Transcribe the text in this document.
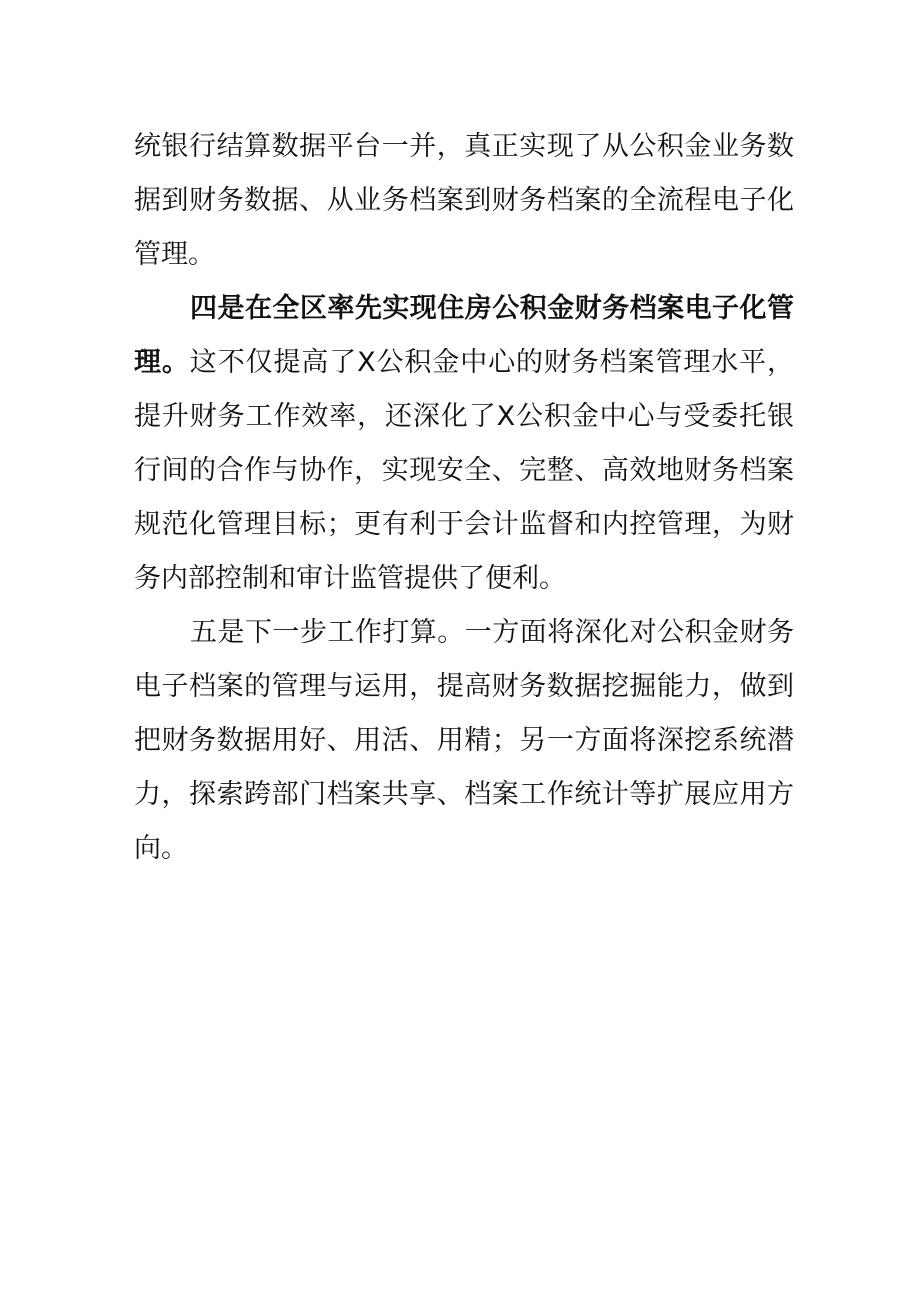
统银行结算数据平台一并，真正实现了从公积金业务数据到财务数据、从业务档案到财务档案的全流程电子化管理。

四是在全区率先实现住房公积金财务档案电子化管理。这不仅提高了X公积金中心的财务档案管理水平，提升财务工作效率，还深化了X公积金中心与受委托银行间的合作与协作，实现安全、完整、高效地财务档案规范化管理目标；更有利于会计监督和内控管理，为财务内部控制和审计监管提供了便利。

五是下一步工作打算。一方面将深化对公积金财务电子档案的管理与运用，提高财务数据挖掘能力，做到把财务数据用好、用活、用精；另一方面将深挖系统潜力，探索跨部门档案共享、档案工作统计等扩展应用方向。
